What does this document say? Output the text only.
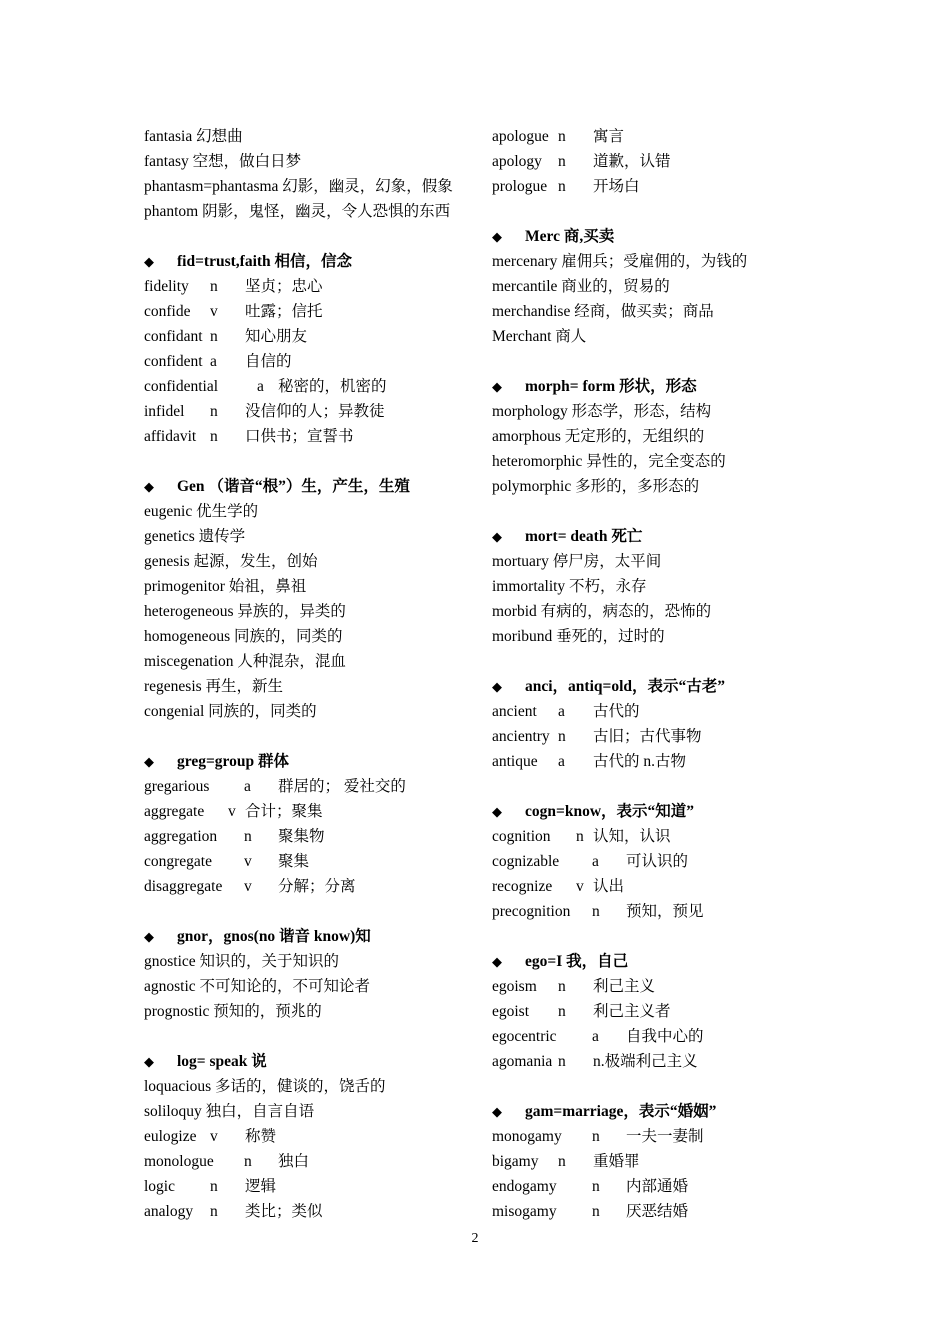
fantasia 幻想曲
fantasy 空想，做白日梦
phantasm=phantasma 幻影，幽灵，幻象，假象
phantom 阴影，鬼怪，幽灵，令人恐惧的东西
◆ fid=trust,faith 相信，信念
fidelity n 坚贞；忠心
confide v 吐露；信托
confidant n 知心朋友
confident a 自信的
confidential	a 秘密的，机密的
infidel n 没信仰的人；异教徒
affidavit n 口供书；宣誓书
◆ Gen （谐音“根”）生，产生，生殖
eugenic 优生学的
genetics 遗传学
genesis 起源，发生，创始
primogenitor 始祖，鼻祖
heterogeneous 异族的，异类的
homogeneous 同族的，同类的
miscegenation 人种混杂，混血
regenesis 再生，新生
congenial 同族的，同类的
◆ greg=group 群体
gregarious a 群居的； 爱社交的
aggregate v 合计；聚集
aggregation n 聚集物
congregate v 聚集
disaggregate v 分解；分离
◆ gnor，gnos(no 谐音 know)知
gnostice 知识的，关于知识的
agnostic 不可知论的，不可知论者
prognostic 预知的，预兆的
◆ log= speak 说
loquacious 多话的，健谈的，饶舌的
soliloquy 独白，自言自语
eulogize v 称赞
monologue n 独白
logic n 逻辑
analogy n 类比；类似
apologue n 寓言
apology n 道歉，认错
prologue n 开场白
◆ Merc 商,买卖
mercenary 雇佣兵；受雇佣的，为钱的
mercantile 商业的，贸易的
merchandise 经商，做买卖；商品
Merchant 商人
◆ morph= form 形状，形态
morphology 形态学，形态，结构
amorphous 无定形的，无组织的
heteromorphic 异性的，完全变态的
polymorphic 多形的，多形态的
◆ mort= death 死亡
mortuary 停尸房，太平间
immortality 不朽，永存
morbid 有病的，病态的，恐怖的
moribund 垂死的，过时的
◆ anci，antiq=old，表示“古老”
ancient a 古代的
ancientry n 古旧；古代事物
antique a 古代的 n.古物
◆ cogn=know，表示“知道”
cognition n 认知，认识
cognizable a 可认识的
recognize v 认出
precognition n 预知，预见
◆ ego=I 我，自己
egoism n 利己主义
egoist n 利己主义者
egocentric a 自我中心的
agomania n n.极端利己主义
◆ gam=marriage，表示“婚姻”
monogamy n 一夫一妻制
bigamy n 重婚罪
endogamy n 内部通婚
misogamy n 厌恶结婚
2
